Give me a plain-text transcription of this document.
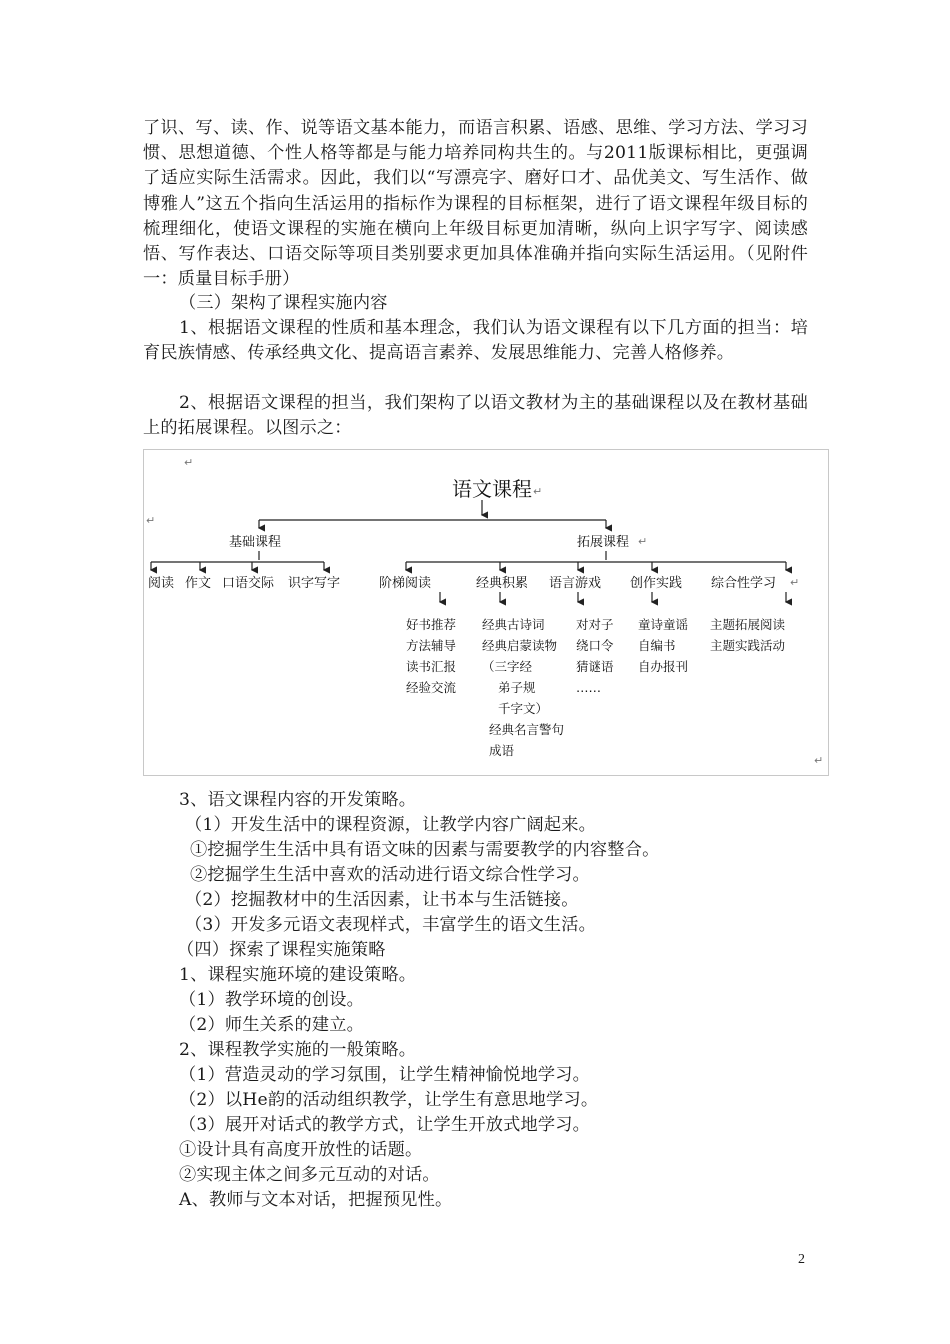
了识、写、读、作、说等语文基本能力，而语言积累、语感、思维、学习方法、学习习惯、思想道德、个性人格等都是与能力培养同构共生的。与2011版课标相比，更强调了适应实际生活需求。因此，我们以“写漂亮字、磨好口才、品优美文、写生活作、做博雅人”这五个指向生活运用的指标作为课程的目标框架，进行了语文课程年级目标的梳理细化，使语文课程的实施在横向上年级目标更加清晰，纵向上识字写字、阅读感悟、写作表达、口语交际等项目类别要求更加具体准确并指向实际生活运用。（见附件一：质量目标手册）
（三）架构了课程实施内容
1、根据语文课程的性质和基本理念，我们认为语文课程有以下几方面的担当：培育民族情感、传承经典文化、提高语言素养、发展思维能力、完善人格修养。
2、根据语文课程的担当，我们架构了以语文教材为主的基础课程以及在教材基础上的拓展课程。以图示之：
↵
↵
↵
语文课程 ↵
基础课程	拓展课程 ↵
阅读 作文 口语交际 识字写字	阶梯阅读	经典积累 语言游戏 创作实践 综合性学习 ↵
好书推荐
方法辅导
读书汇报
经验交流
经典古诗词
经典启蒙读物
（三字经
弟子规
千字文）
经典名言警句
成语
对对子
绕口令
猜谜语
……
童诗童谣
自编书
自办报刊
主题拓展阅读
主题实践活动
3、语文课程内容的开发策略。
（1）开发生活中的课程资源，让教学内容广阔起来。
①挖掘学生生活中具有语文味的因素与需要教学的内容整合。
②挖掘学生生活中喜欢的活动进行语文综合性学习。
（2）挖掘教材中的生活因素，让书本与生活链接。
（3）开发多元语文表现样式，丰富学生的语文生活。
（四）探索了课程实施策略
1、课程实施环境的建设策略。
（1）教学环境的创设。
（2）师生关系的建立。
2、课程教学实施的一般策略。
（1）营造灵动的学习氛围，让学生精神愉悦地学习。
（2）以He韵的活动组织教学，让学生有意思地学习。
（3）展开对话式的教学方式，让学生开放式地学习。
①设计具有高度开放性的话题。
②实现主体之间多元互动的对话。
A、教师与文本对话，把握预见性。
2
